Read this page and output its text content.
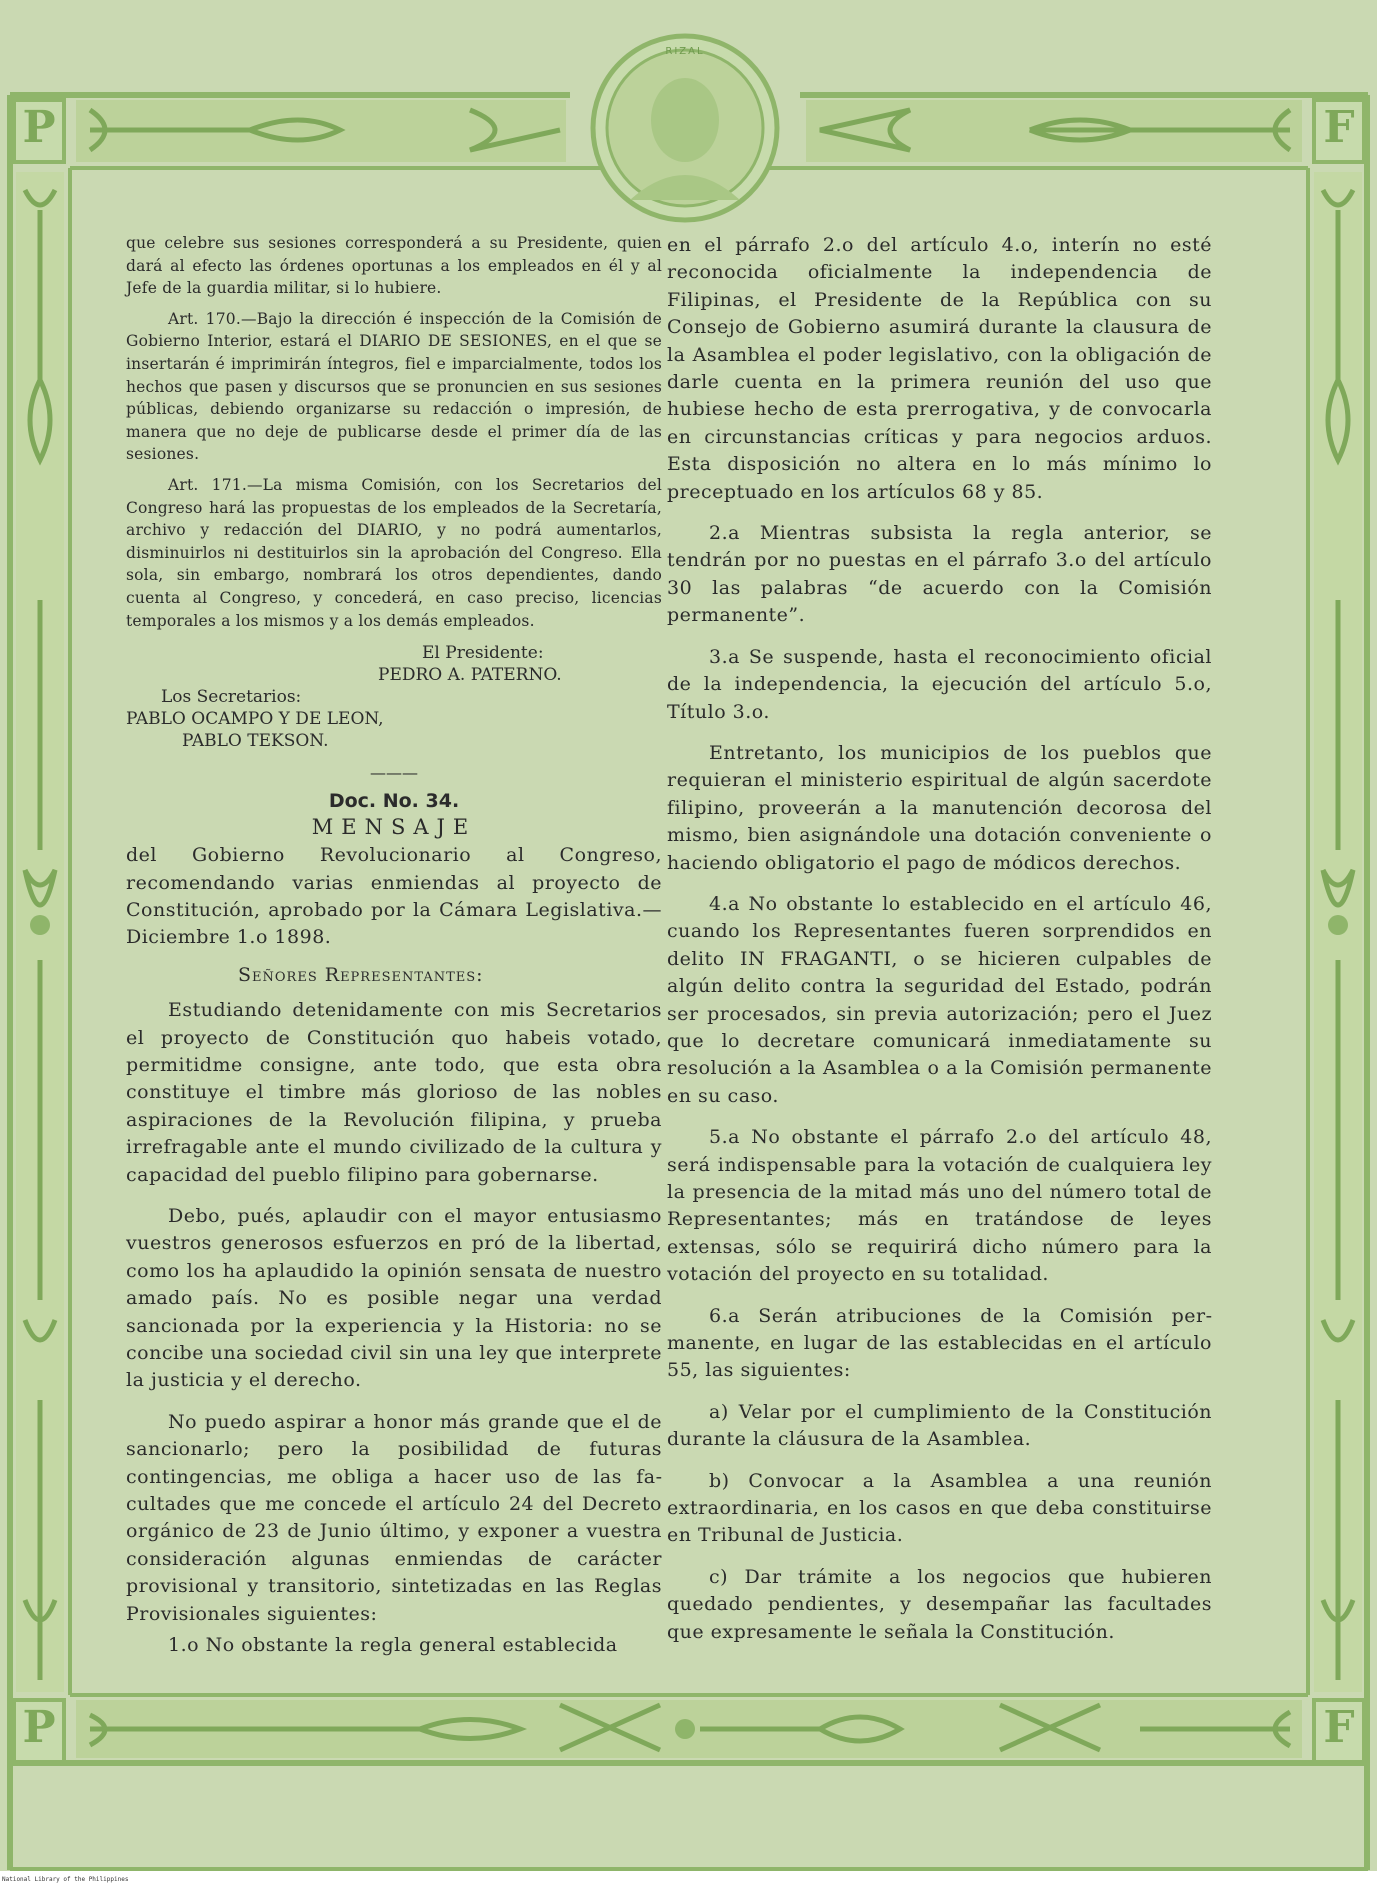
RIZAL
P	F
P	F

que celebre sus sesiones corresponderá a su Presidente, quien dará al efecto las órdenes oportunas a los empleados en él y al Jefe de la guardia militar, si lo hubiere.

Art. 170.—Bajo la dirección é inspección de la Comisión de Gobierno Interior, estará el DIARIO DE SESIONES, en el que se insertarán é imprimirán íntegros, fiel e imparcialmente, todos los hechos que pasen y discursos que se pronuncien en sus sesiones públicas, debiendo organizarse su redacción o impresión, de manera que no deje de publicarse desde el primer día de las sesiones.

Art. 171.—La misma Comisión, con los Secretarios del Congreso hará las propuestas de los empleados de la Secretaría, archivo y redacción del DIARIO, y no podrá aumentarlos, disminuirlos ni destituirlos sin la aprobación del Congreso. Ella sola, sin embargo, nombrará los otros dependientes, dando cuenta al Congreso, y concederá, en caso preciso, licencias temporales a los mismos y a los demás empleados.

El Presidente:
PEDRO A. PATERNO.
Los Secretarios:
PABLO OCAMPO Y DE LEON,
PABLO TEKSON.
———
Doc. No. 34.
MENSAJE

del Gobierno Revolucionario al Congreso, recomendando varias enmiendas al proyecto de Constitución, aprobado por la Cámara Legislativa.—Diciembre 1.o 1898.

Señores Representantes:

Estudiando detenidamente con mis Secretarios el proyecto de Constitución quo habeis votado, permitidme consigne, ante todo, que esta obra constituye el timbre más glorioso de las nobles aspiraciones de la Revolución filipina, y prueba irrefragable ante el mundo civilizado de la cultura y capacidad del pueblo filipino para gobernarse.

Debo, pués, aplaudir con el mayor entusiasmo vuestros generosos esfuerzos en pró de la libertad, como los ha aplaudido la opinión sensata de nuestro amado país. No es posible negar una verdad sancionada por la experiencia y la Historia: no se concibe una sociedad civil sin una ley que interprete la justicia y el derecho.

No puedo aspirar a honor más grande que el de sancionarlo; pero la posibilidad de futuras contingencias, me obliga a hacer uso de las facultades que me concede el artículo 24 del Decreto orgánico de 23 de Junio último, y exponer a vuestra consideración algunas enmiendas de carácter provisional y transitorio, sintetizadas en las Reglas Provisionales siguientes:

1.o No obstante la regla general establecida

en el párrafo 2.o del artículo 4.o, interín no esté reconocida oficialmente la independencia de Filipinas, el Presidente de la República con su Consejo de Gobierno asumirá durante la clausura de la Asamblea el poder legislativo, con la obligación de darle cuenta en la primera reunión del uso que hubiese hecho de esta prerrogativa, y de convocarla en circunstancias críticas y para negocios arduos. Esta disposición no altera en lo más mínimo lo preceptuado en los artículos 68 y 85.

2.a Mientras subsista la regla anterior, se tendrán por no puestas en el párrafo 3.o del artículo 30 las palabras “de acuerdo con la Comisión permanente”.

3.a Se suspende, hasta el reconocimiento oficial de la independencia, la ejecución del artículo 5.o, Título 3.o.

Entretanto, los municipios de los pueblos que requieran el ministerio espiritual de algún sacerdote filipino, proveerán a la manutención decorosa del mismo, bien asignándole una dotación conveniente o haciendo obligatorio el pago de módicos derechos.

4.a No obstante lo establecido en el artículo 46, cuando los Representantes fueren sorprendidos en delito IN FRAGANTI, o se hicieren culpables de algún delito contra la seguridad del Estado, podrán ser procesados, sin previa autorización; pero el Juez que lo decretare comunicará inmediatamente su resolución a la Asamblea o a la Comisión permanente en su caso.

5.a No obstante el párrafo 2.o del artículo 48, será indispensable para la votación de cualquiera ley la presencia de la mitad más uno del número total de Representantes; más en tratándose de leyes extensas, sólo se requirirá dicho número para la votación del proyecto en su totalidad.

6.a Serán atribuciones de la Comisión permanente, en lugar de las establecidas en el artículo 55, las siguientes:

a) Velar por el cumplimiento de la Constitución durante la cláusura de la Asamblea.

b) Convocar a la Asamblea a una reunión extraordinaria, en los casos en que deba constituirse en Tribunal de Justicia.

c) Dar trámite a los negocios que hubieren quedado pendientes, y desempañar las facultades que expresamente le señala la Constitución.

National Library of the Philippines
